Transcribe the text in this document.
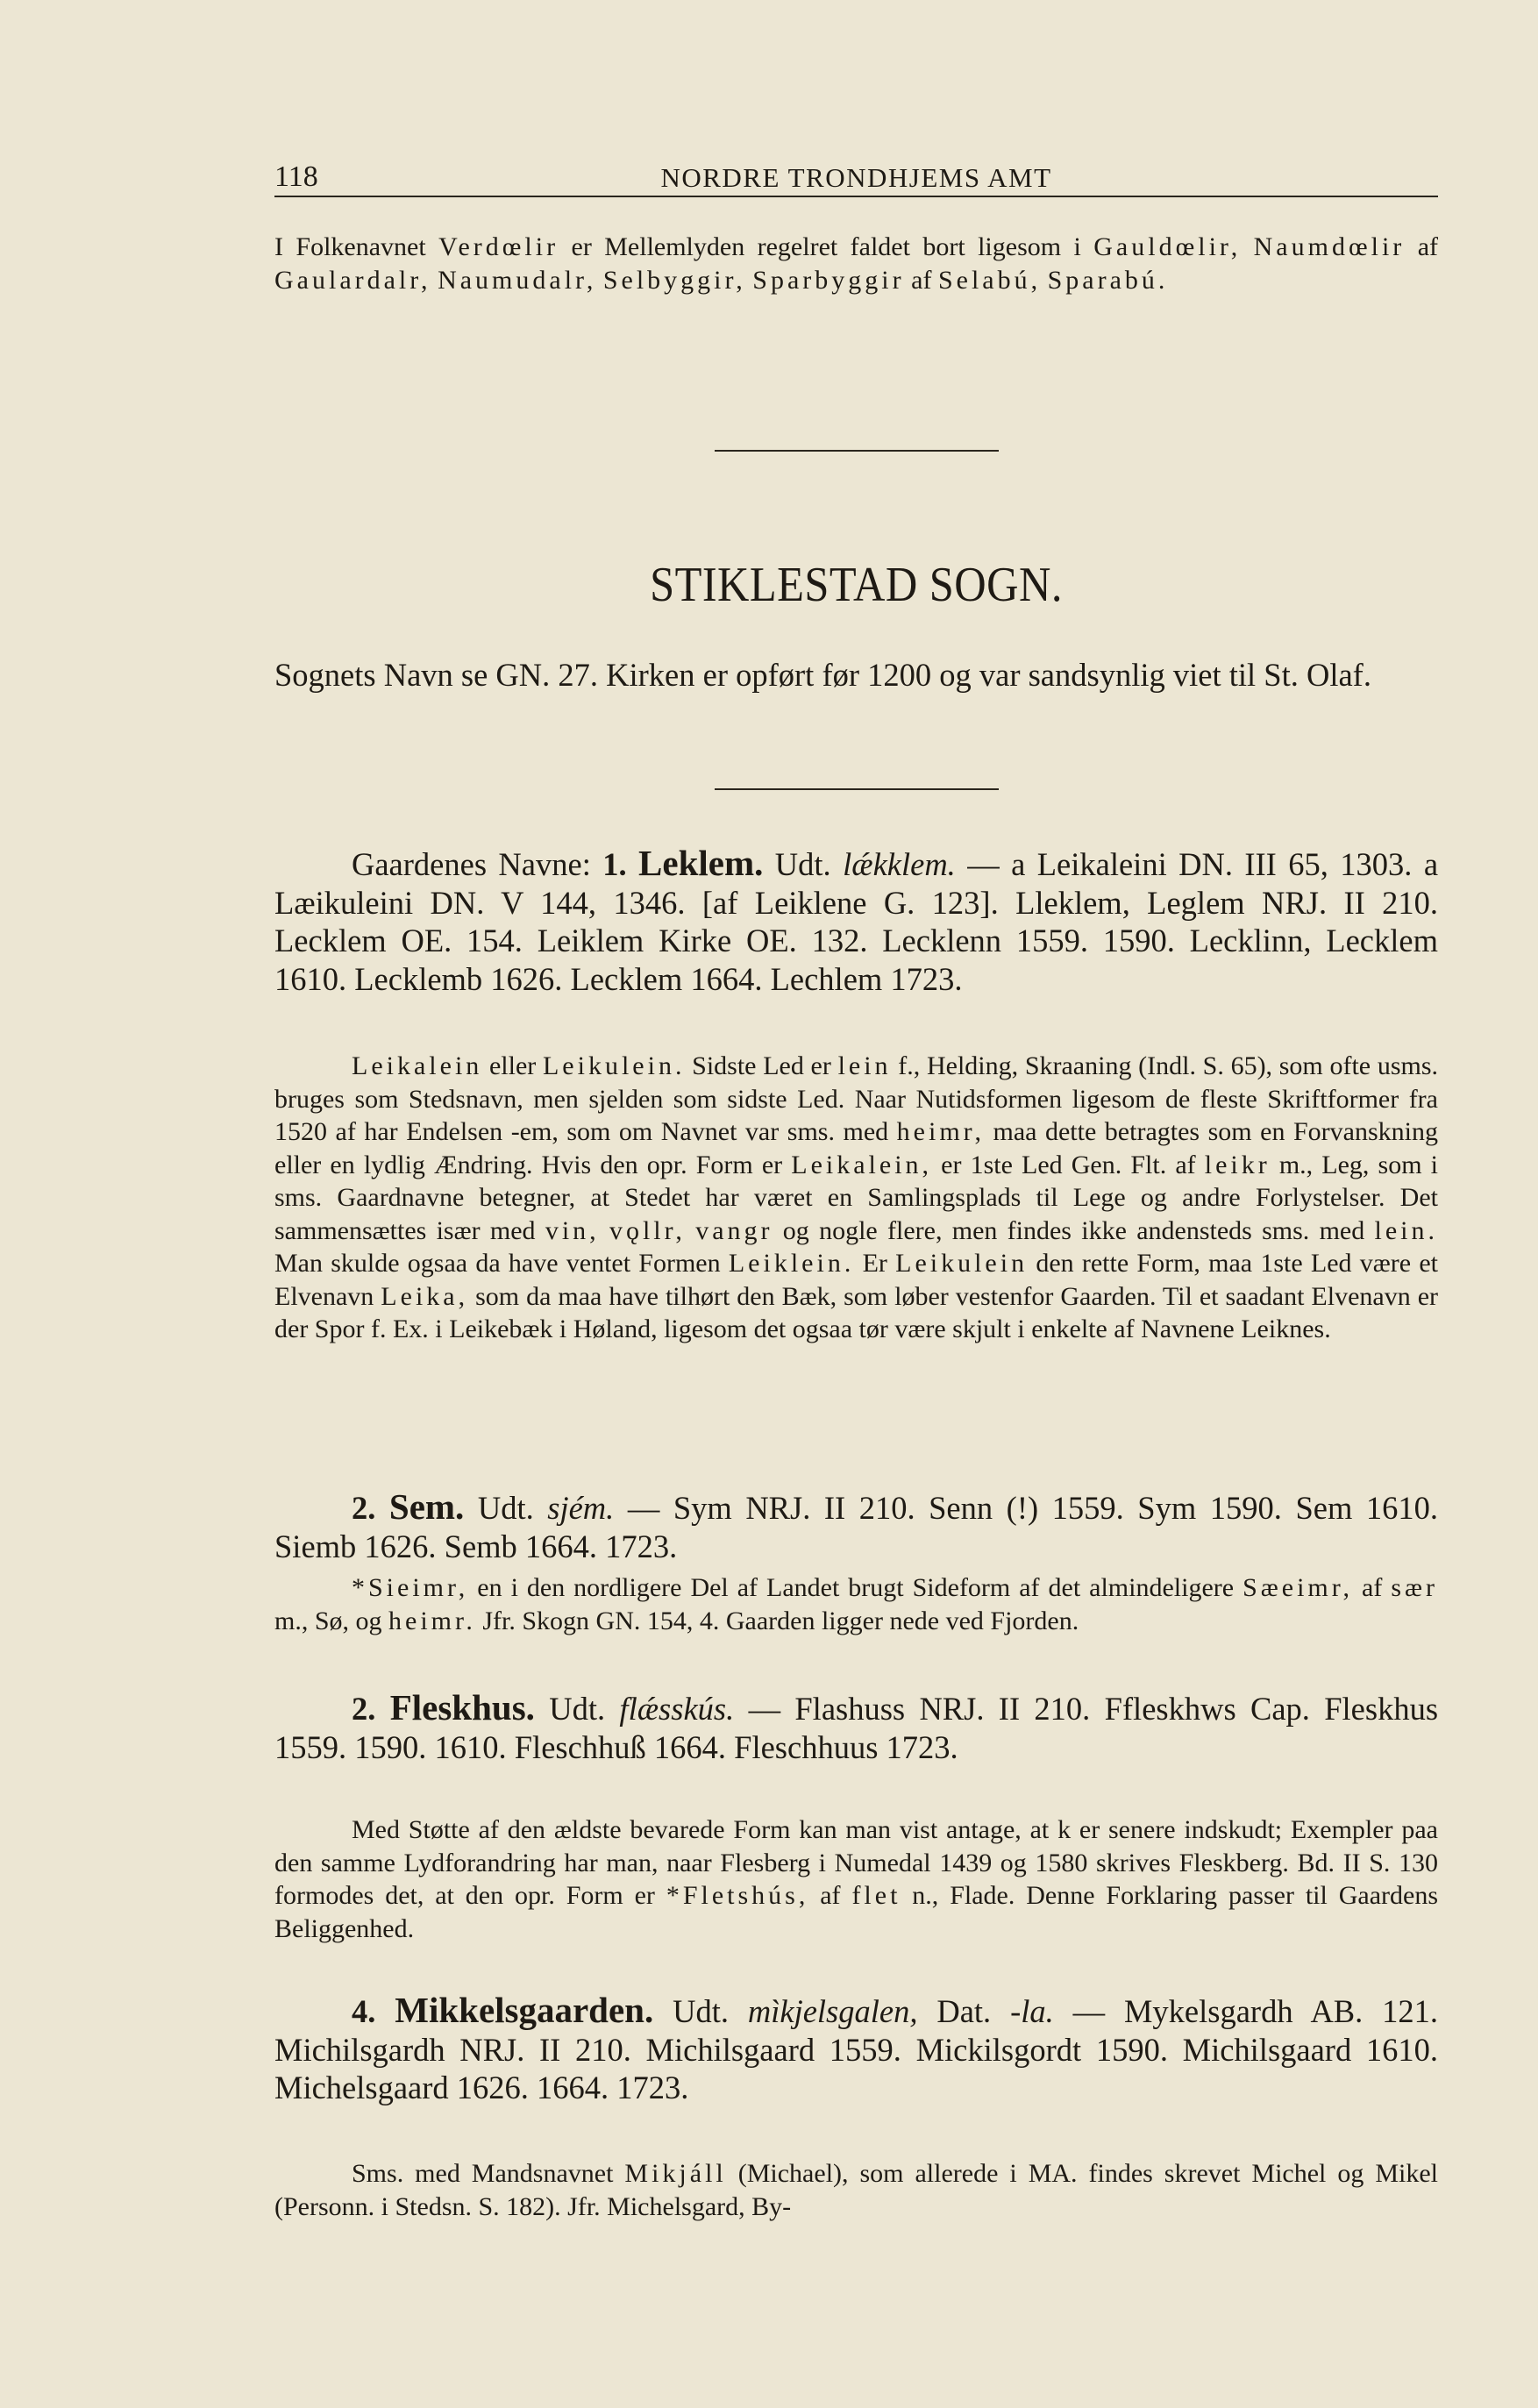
118	NORDRE TRONDHJEMS AMT

I Folkenavnet Verdœlir er Mellemlyden regelret faldet bort ligesom i Gauldœlir, Naumdœlir af Gaulardalr, Naumudalr, Selbyggir, Sparbyggir af Selabú, Sparabú.

STIKLESTAD SOGN.

Sognets Navn se GN. 27. Kirken er opført før 1200 og var sandsynlig viet til St. Olaf.

Gaardenes Navne: 1. Leklem. Udt. lǽkklem. — a Leikaleini DN. III 65, 1303. a Læikuleini DN. V 144, 1346. [af Leiklene G. 123]. Lleklem, Leglem NRJ. II 210. Lecklem OE. 154. Leiklem Kirke OE. 132. Lecklenn 1559. 1590. Lecklinn, Lecklem 1610. Lecklemb 1626. Lecklem 1664. Lechlem 1723.

Leikalein eller Leikulein. Sidste Led er lein f., Helding, Skraaning (Indl. S. 65), som ofte usms. bruges som Stedsnavn, men sjelden som sidste Led. Naar Nutidsformen ligesom de fleste Skriftformer fra 1520 af har Endelsen -em, som om Navnet var sms. med heimr, maa dette betragtes som en Forvanskning eller en lydlig Ændring. Hvis den opr. Form er Leikalein, er 1ste Led Gen. Flt. af leikr m., Leg, som i sms. Gaardnavne betegner, at Stedet har været en Samlingsplads til Lege og andre Forlystelser. Det sammensættes især med vin, vǫllr, vangr og nogle flere, men findes ikke andensteds sms. med lein. Man skulde ogsaa da have ventet Formen Leiklein. Er Leikulein den rette Form, maa 1ste Led være et Elvenavn Leika, som da maa have tilhørt den Bæk, som løber vestenfor Gaarden. Til et saadant Elvenavn er der Spor f. Ex. i Leikebæk i Høland, ligesom det ogsaa tør være skjult i enkelte af Navnene Leiknes.

2. Sem. Udt. sjém. — Sym NRJ. II 210. Senn (!) 1559. Sym 1590. Sem 1610. Siemb 1626. Semb 1664. 1723.

*Sieimr, en i den nordligere Del af Landet brugt Sideform af det almindeligere Sæeimr, af sær m., Sø, og heimr. Jfr. Skogn GN. 154, 4. Gaarden ligger nede ved Fjorden.

2. Fleskhus. Udt. flǽsskús. — Flashuss NRJ. II 210. Ffleskhws Cap. Fleskhus 1559. 1590. 1610. Fleschhuß 1664. Fleschhuus 1723.

Med Støtte af den ældste bevarede Form kan man vist antage, at k er senere indskudt; Exempler paa den samme Lydforandring har man, naar Flesberg i Numedal 1439 og 1580 skrives Fleskberg. Bd. II S. 130 formodes det, at den opr. Form er *Fletshús, af flet n., Flade. Denne Forklaring passer til Gaardens Beliggenhed.

4. Mikkelsgaarden. Udt. mìkjelsgalen, Dat. -la. — Mykelsgardh AB. 121. Michilsgardh NRJ. II 210. Michilsgaard 1559. Mickilsgordt 1590. Michilsgaard 1610. Michelsgaard 1626. 1664. 1723.

Sms. med Mandsnavnet Mikjáll (Michael), som allerede i MA. findes skrevet Michel og Mikel (Personn. i Stedsn. S. 182). Jfr. Michelsgard, By-
